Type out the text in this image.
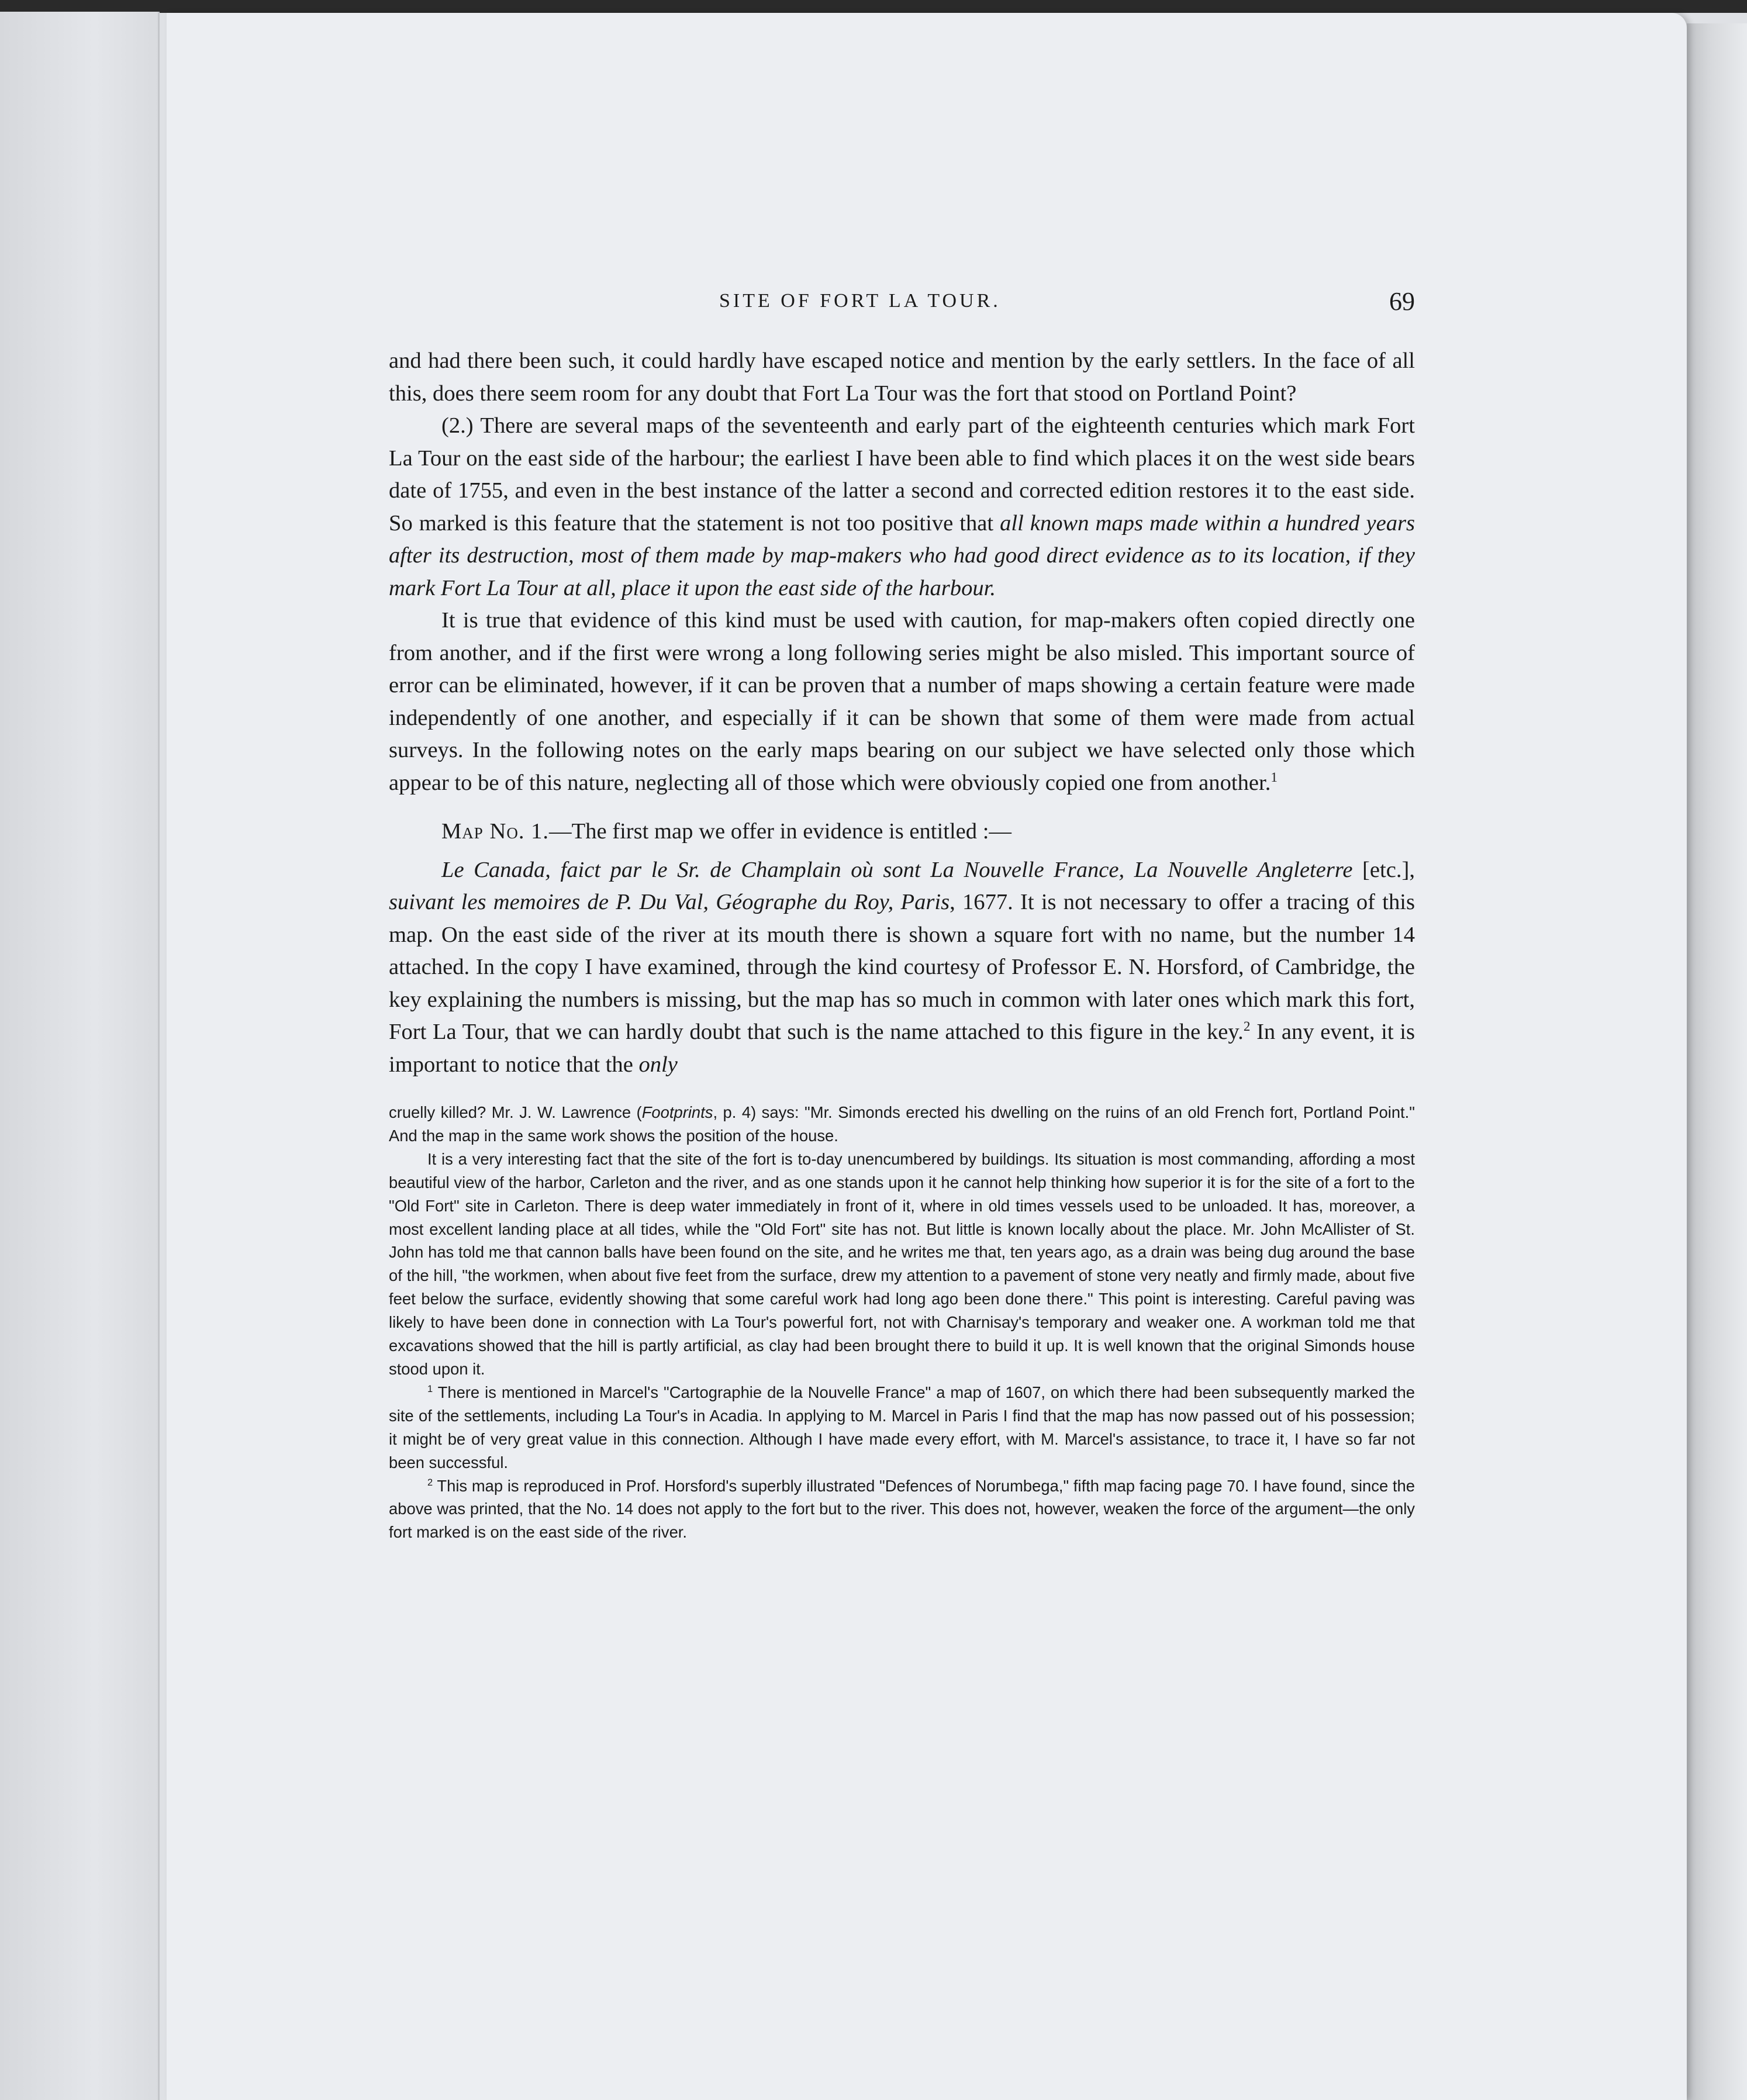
SITE OF FORT LA TOUR.	69

and had there been such, it could hardly have escaped notice and mention by the early settlers. In the face of all this, does there seem room for any doubt that Fort La Tour was the fort that stood on Portland Point?

(2.) There are several maps of the seventeenth and early part of the eighteenth centuries which mark Fort La Tour on the east side of the harbour; the earliest I have been able to find which places it on the west side bears date of 1755, and even in the best instance of the latter a second and corrected edition restores it to the east side. So marked is this feature that the statement is not too positive that all known maps made within a hundred years after its destruction, most of them made by map-makers who had good direct evidence as to its location, if they mark Fort La Tour at all, place it upon the east side of the harbour.

It is true that evidence of this kind must be used with caution, for map-makers often copied directly one from another, and if the first were wrong a long following series might be also misled. This important source of error can be eliminated, however, if it can be proven that a number of maps showing a certain feature were made independently of one another, and especially if it can be shown that some of them were made from actual surveys. In the following notes on the early maps bearing on our subject we have selected only those which appear to be of this nature, neglecting all of those which were obviously copied one from another.$^1$

Map No. 1.—The first map we offer in evidence is entitled :—

Le Canada, faict par le Sr. de Champlain où sont La Nouvelle France, La Nouvelle Angleterre [etc.], suivant les memoires de P. Du Val, Géographe du Roy, Paris, 1677. It is not necessary to offer a tracing of this map. On the east side of the river at its mouth there is shown a square fort with no name, but the number 14 attached. In the copy I have examined, through the kind courtesy of Professor E. N. Horsford, of Cambridge, the key explaining the numbers is missing, but the map has so much in common with later ones which mark this fort, Fort La Tour, that we can hardly doubt that such is the name attached to this figure in the key.$^2$ In any event, it is important to notice that the only

cruelly killed? Mr. J. W. Lawrence (Footprints, p. 4) says: "Mr. Simonds erected his dwelling on the ruins of an old French fort, Portland Point." And the map in the same work shows the position of the house.

It is a very interesting fact that the site of the fort is to-day unencumbered by buildings. Its situation is most commanding, affording a most beautiful view of the harbor, Carleton and the river, and as one stands upon it he cannot help thinking how superior it is for the site of a fort to the "Old Fort" site in Carleton. There is deep water immediately in front of it, where in old times vessels used to be unloaded. It has, moreover, a most excellent landing place at all tides, while the "Old Fort" site has not. But little is known locally about the place. Mr. John McAllister of St. John has told me that cannon balls have been found on the site, and he writes me that, ten years ago, as a drain was being dug around the base of the hill, "the workmen, when about five feet from the surface, drew my attention to a pavement of stone very neatly and firmly made, about five feet below the surface, evidently showing that some careful work had long ago been done there." This point is interesting. Careful paving was likely to have been done in connection with La Tour's powerful fort, not with Charnisay's temporary and weaker one. A workman told me that excavations showed that the hill is partly artificial, as clay had been brought there to build it up. It is well known that the original Simonds house stood upon it.

$^1$ There is mentioned in Marcel's "Cartographie de la Nouvelle France" a map of 1607, on which there had been subsequently marked the site of the settlements, including La Tour's in Acadia. In applying to M. Marcel in Paris I find that the map has now passed out of his possession; it might be of very great value in this connection. Although I have made every effort, with M. Marcel's assistance, to trace it, I have so far not been successful.

$^2$ This map is reproduced in Prof. Horsford's superbly illustrated "Defences of Norumbega," fifth map facing page 70. I have found, since the above was printed, that the No. 14 does not apply to the fort but to the river. This does not, however, weaken the force of the argument—the only fort marked is on the east side of the river.
